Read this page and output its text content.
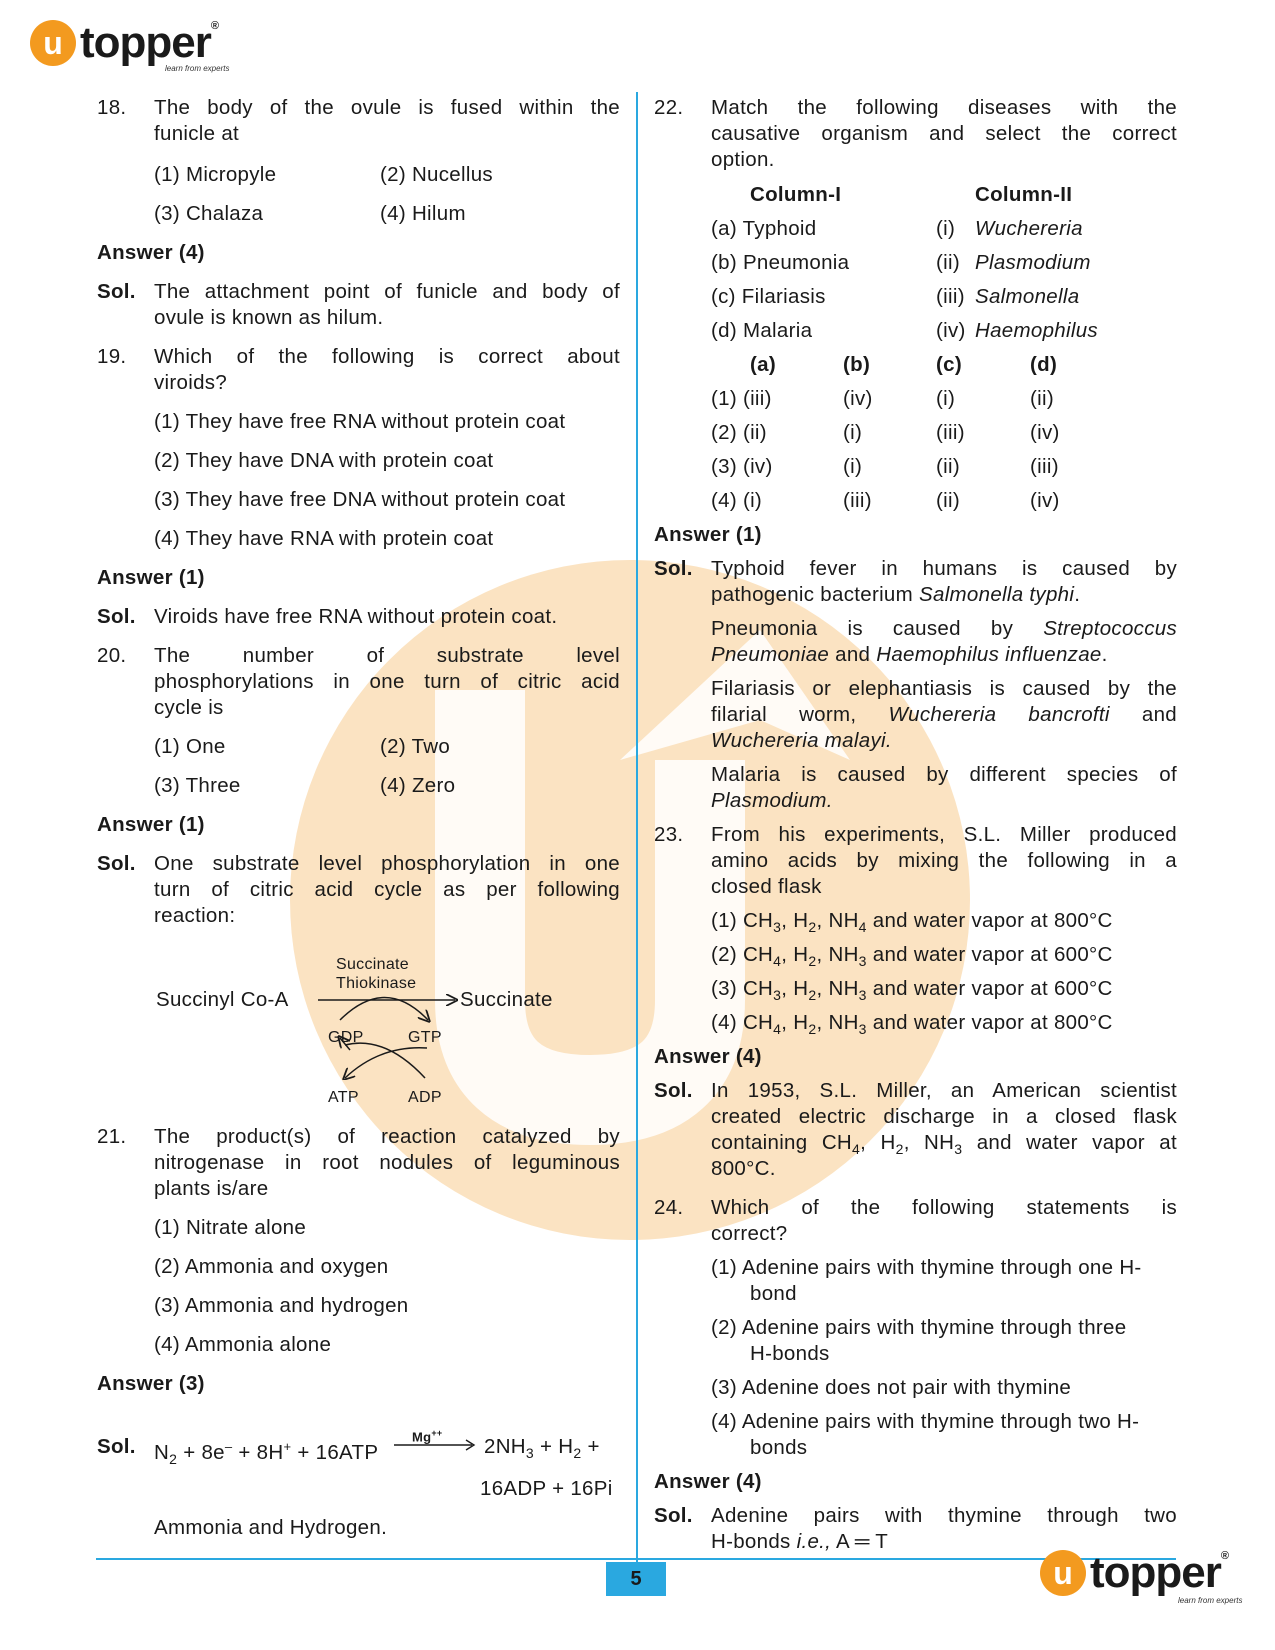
u topper®
learn from experts
u topper®
learn from experts
5
18. The body of the ovule is fused within the
funicle at
(1) Micropyle	(2) Nucellus
(3) Chalaza	(4) Hilum
Answer (4)
Sol. The attachment point of funicle and body of
ovule is known as hilum.
19. Which of the following is correct about
viroids?
(1) They have free RNA without protein coat
(2) They have DNA with protein coat
(3) They have free DNA without protein coat
(4) They have RNA with protein coat
Answer (1)
Sol. Viroids have free RNA without protein coat.
20. The number of substrate level
phosphorylations in one turn of citric acid
cycle is
(1) One	(2) Two
(3) Three	(4) Zero
Answer (1)
Sol. One substrate level phosphorylation in one
turn of citric acid cycle as per following
reaction:
Succinyl Co-A
Succinate
Thiokinase
Succinate
GDP	GTP
ATP	ADP
21. The product(s) of reaction catalyzed by
nitrogenase in root nodules of leguminous
plants is/are
(1) Nitrate alone
(2) Ammonia and oxygen
(3) Ammonia and hydrogen
(4) Ammonia alone
Answer (3)
Sol. $N_2 + 8e^- + 8H^+ + 16ATP$
Mg++
$2NH_3 + H_2$ +
16ADP + 16Pi
Ammonia and Hydrogen.
22. Match the following diseases with the
causative organism and select the correct
option.
Column-I	Column-II
(a) Typhoid	(i) Wuchereria
(b) Pneumonia	(ii) Plasmodium
(c) Filariasis	(iii) Salmonella
(d) Malaria	(iv) Haemophilus
(a)	(b)	(c)	(d)
(1) (iii)	(iv)	(i)	(ii)
(2) (ii)	(i)	(iii)	(iv)
(3) (iv)	(i)	(ii)	(iii)
(4) (i)	(iii)	(ii)	(iv)
Answer (1)
Sol. Typhoid fever in humans is caused by
pathogenic bacterium Salmonella typhi.
Pneumonia is caused by Streptococcus
Pneumoniae and Haemophilus influenzae.
Filariasis or elephantiasis is caused by the
filarial worm, Wuchereria bancrofti and
Wuchereria malayi.
Malaria is caused by different species of
Plasmodium.
23. From his experiments, S.L. Miller produced
amino acids by mixing the following in a
closed flask
(1) $CH_3$, $H_2$, $NH_4$ and water vapor at 800°C
(2) $CH_4$, $H_2$, $NH_3$ and water vapor at 600°C
(3) $CH_3$, $H_2$, $NH_3$ and water vapor at 600°C
(4) $CH_4$, $H_2$, $NH_3$ and water vapor at 800°C
Answer (4)
Sol. In 1953, S.L. Miller, an American scientist
created electric discharge in a closed flask
containing $CH_4$, $H_2$, $NH_3$ and water vapor at
800°C.
24. Which of the following statements is
correct?
(1) Adenine pairs with thymine through one H-
bond
(2) Adenine pairs with thymine through three
H-bonds
(3) Adenine does not pair with thymine
(4) Adenine pairs with thymine through two H-
bonds
Answer (4)
Sol. Adenine pairs with thymine through two
H-bonds i.e., A ═ T
